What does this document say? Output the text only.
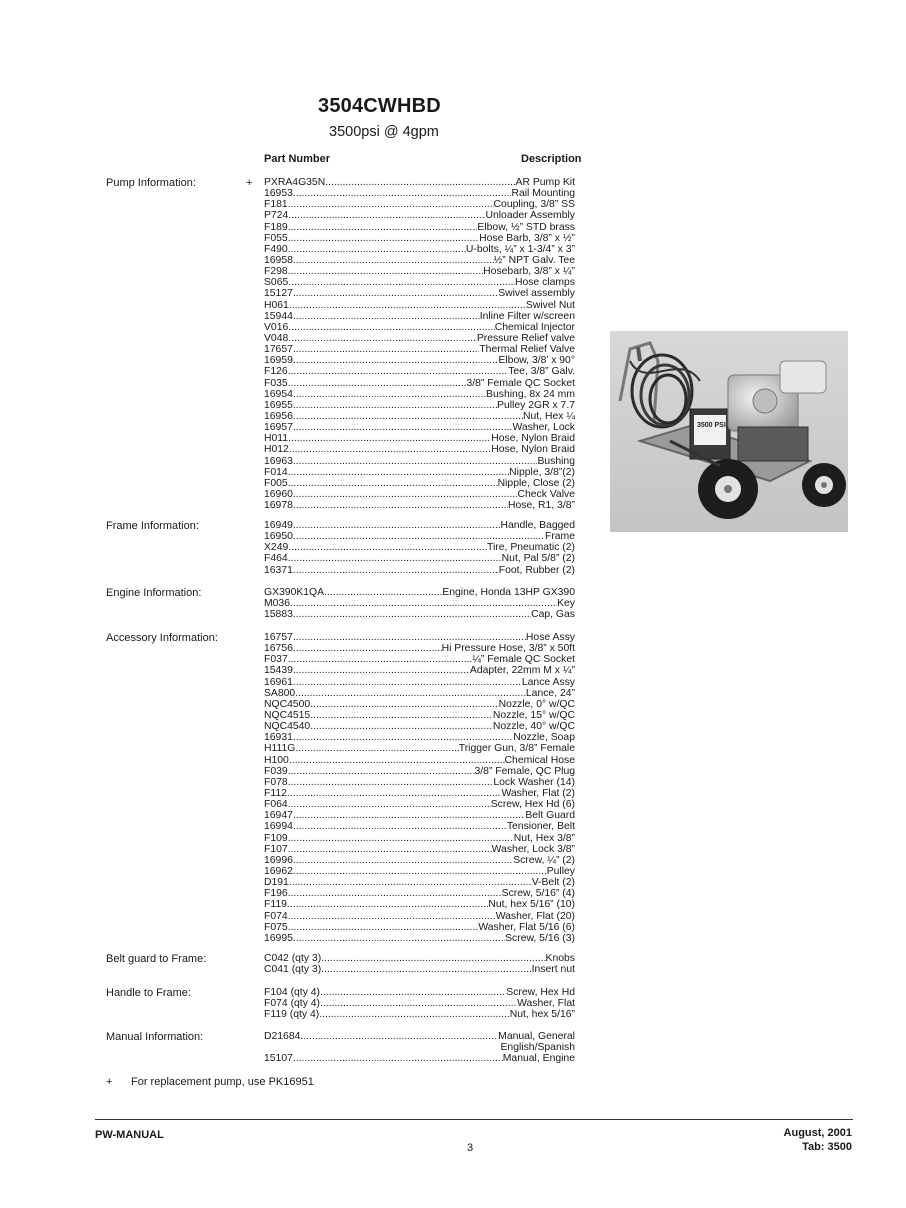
3504CWHBD
3500psi @ 4gpm
Part Number	Description
Pump Information:	+ PXRA4G35N .....	AR Pump Kit
16953 .....	Rail Mounting
F181 .....	Coupling, 3/8” SS
P724 .....	Unloader Assembly
F189 .....	Elbow, ½” STD brass
F055 .....	Hose Barb, 3/8” x ½”
F490 .....	U-bolts, ¼” x 1-3/4” x 3”
16958 .....	½” NPT Galv. Tee
F298 .....	Hosebarb, 3/8” x ¼”
S065 .....	Hose clamps
15127 .....	Swivel assembly
H061 .....	Swivel Nut
15944 .....	Inline Filter w/screen
V016 .....	Chemical Injector
V048 .....	Pressure Relief valve
17657 .....	Thermal Relief Valve
16959 .....	Elbow, 3/8’ x 90°
F126 .....	Tee, 3/8” Galv.
F035 .....	3/8” Female QC Socket
16954 .....	Bushing, 8x 24 mm
16955 .....	Pulley 2GR x 7.7
16956 .....	Nut, Hex ¼
16957 .....	Washer, Lock
H011 .....	Hose, Nylon Braid
H012 .....	Hose, Nylon Braid
16963 .....	Bushing
F014 .....	Nipple, 3/8”(2)
F005 .....	Nipple, Close (2)
16960 .....	Check Valve
16978 .....	Hose, R1, 3/8”
Frame Information:	16949 .....	Handle, Bagged
16950 .....	Frame
X249 .....	Tire, Pneumatic (2)
F464 .....	Nut, Pal 5/8” (2)
16371 .....	Foot, Rubber (2)
Engine Information:	GX390K1QA .....	Engine, Honda 13HP GX390
M036 .....	Key
15883 .....	Cap, Gas
Accessory Information:	16757 .....	Hose Assy
16756 .....	Hi Pressure Hose, 3/8” x 50ft
F037 .....	¼” Female QC Socket
15439 .....	Adapter, 22mm M x ¼”
16961 .....	Lance Assy
SA800 .....	Lance, 24”
NQC4500 .....	Nozzle, 0° w/QC
NQC4515 .....	Nozzle, 15° w/QC
NQC4540 .....	Nozzle, 40° w/QC
16931 .....	Nozzle, Soap
H111G .....	Trigger Gun, 3/8” Female
H100 .....	Chemical Hose
F039 .....	3/8” Female, QC Plug
F078 .....	Lock Washer (14)
F112 .....	Washer, Flat (2)
F064 .....	Screw, Hex Hd (6)
16947 .....	Belt Guard
16994 .....	Tensioner, Belt
F109 .....	Nut, Hex 3/8”
F107 .....	Washer, Lock 3/8”
16996 .....	Screw, ¼” (2)
16962 .....	Pulley
D191 .....	V-Belt (2)
F196 .....	Screw, 5/16” (4)
F119 .....	Nut, hex 5/16” (10)
F074 .....	Washer, Flat (20)
F075 .....	Washer, Flat 5/16 (6)
16995 .....	Screw, 5/16 (3)
Belt guard to Frame:	C042 (qty 3) .....	Knobs
C041 (qty 3) .....	Insert nut
Handle to Frame:	F104 (qty 4) .....	Screw, Hex Hd
F074 (qty 4) .....	Washer, Flat
F119 (qty 4) .....	Nut, hex 5/16”
Manual Information:	D21684 .....	Manual, General
English/Spanish
15107 .....	Manual, Engine
3500 PSI
+ For replacement pump, use PK16951
PW-MANUAL
3
August, 2001
Tab: 3500
